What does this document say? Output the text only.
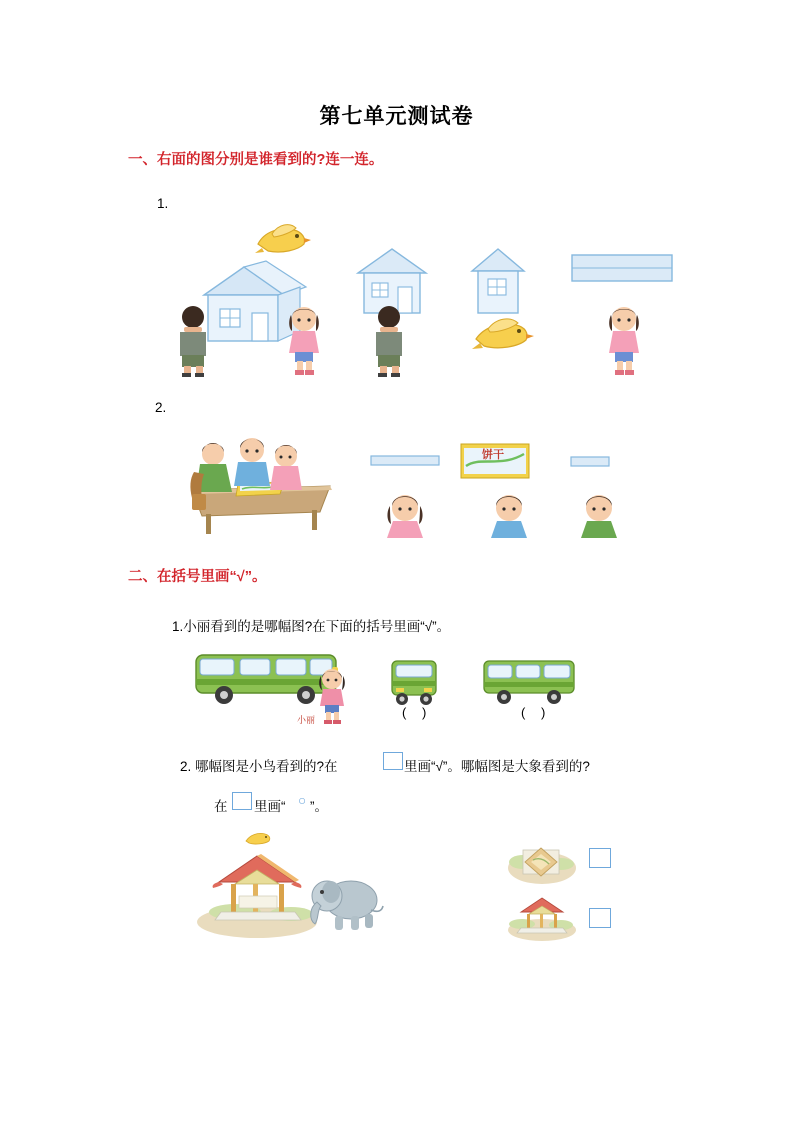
第七单元测试卷
一、右面的图分别是谁看到的?连一连。
1.
2.
饼干
二、在括号里画“√”。
1.小丽看到的是哪幅图?在下面的括号里画“√”。
小丽	( )	( )
2. 哪幅图是小鸟看到的?在	里画“√”。哪幅图是大象看到的?
在 里画“ ○ ”。
